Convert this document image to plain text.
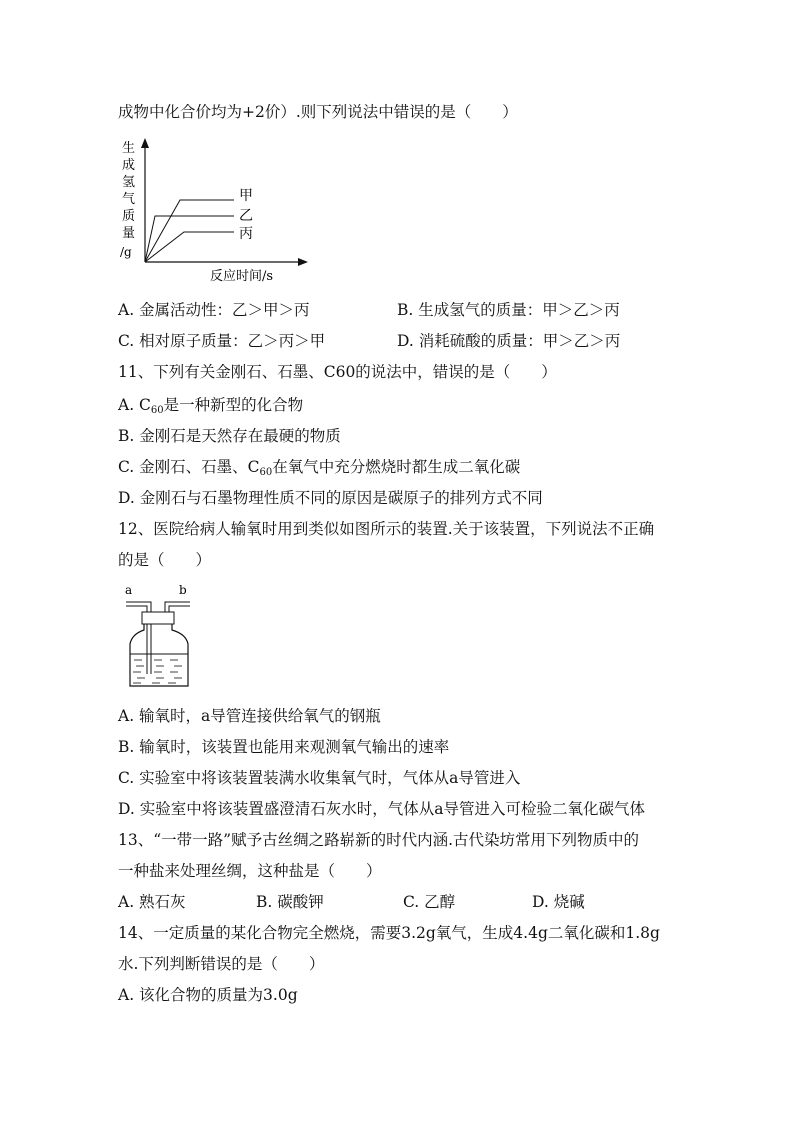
成物中化合价均为+2价）.则下列说法中错误的是（　　）
生
成
氢
气
质
量
/g
甲
乙
丙
反应时间/s
A. 金属活动性：乙＞甲＞丙	B. 生成氢气的质量：甲＞乙＞丙
C. 相对原子质量：乙＞丙＞甲	D. 消耗硫酸的质量：甲＞乙＞丙
11、下列有关金刚石、石墨、C60的说法中，错误的是（　　）
A. $C_{60}$是一种新型的化合物
B. 金刚石是天然存在最硬的物质
C. 金刚石、石墨、$C_{60}$在氧气中充分燃烧时都生成二氧化碳
D. 金刚石与石墨物理性质不同的原因是碳原子的排列方式不同
12、医院给病人输氧时用到类似如图所示的装置.关于该装置，下列说法不正确
的是（　　）
a	b
A. 输氧时，a导管连接供给氧气的钢瓶
B. 输氧时，该装置也能用来观测氧气输出的速率
C. 实验室中将该装置装满水收集氧气时，气体从a导管进入
D. 实验室中将该装置盛澄清石灰水时，气体从a导管进入可检验二氧化碳气体
13、“一带一路”赋予古丝绸之路崭新的时代内涵.古代染坊常用下列物质中的
一种盐来处理丝绸，这种盐是（　　）
A. 熟石灰	B. 碳酸钾	C. 乙醇	D. 烧碱
14、一定质量的某化合物完全燃烧，需要3.2g氧气，生成4.4g二氧化碳和1.8g
水.下列判断错误的是（　　）
A. 该化合物的质量为3.0g
